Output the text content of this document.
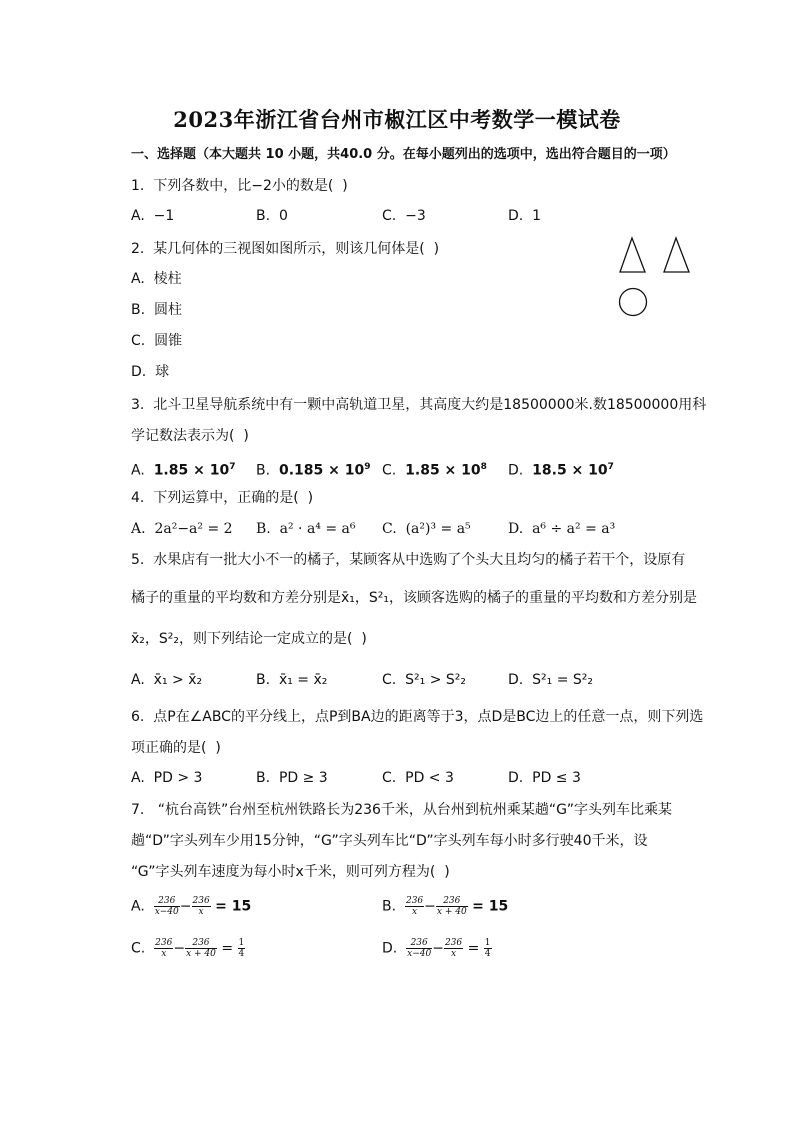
2023年浙江省台州市椒江区中考数学一模试卷
一、选择题（本大题共 10 小题，共40.0 分。在每小题列出的选项中，选出符合题目的一项）
1.  下列各数中，比−2小的数是(  )
A.  −1	B.  0	C.  −3	D.  1
2.  某几何体的三视图如图所示，则该几何体是(  )
A.  棱柱
B.  圆柱
C.  圆锥
D.  球
3.  北斗卫星导航系统中有一颗中高轨道卫星，其高度大约是18500000米.数18500000用科
学记数法表示为(  )
A. $1.85 \times 10^7$ B. $0.185 \times 10^9$ C. $1.85 \times 10^8$ D. $18.5 \times 10^7$
4.  下列运算中，正确的是(  )
A.  2a²−a² = 2 B.  a² · a⁴ = a⁶ C.  (a²)³ = a⁵	D.  a⁶ ÷ a² = a³
5.  水果店有一批大小不一的橘子，某顾客从中选购了个头大且均匀的橘子若干个，设原有
橘子的重量的平均数和方差分别是x̄₁，S²₁，该顾客选购的橘子的重量的平均数和方差分别是
x̄₂，S²₂，则下列结论一定成立的是(  )
A.  x̄₁ > x̄₂	B.  x̄₁ = x̄₂	C.  S²₁ > S²₂	D.  S²₁ = S²₂
6.  点P在∠ABC的平分线上，点P到BA边的距离等于3，点D是BC边上的任意一点，则下列选
项正确的是(  )
A.  PD > 3	B.  PD ≥ 3	C.  PD < 3	D.  PD ≤ 3
7.   “杭台高铁”台州至杭州铁路长为236千米，从台州到杭州乘某趟“G”字头列车比乘某
趟“D”字头列车少用15分钟，“G”字头列车比“D”字头列车每小时多行驶40千米，设
“G”字头列车速度为每小时x千米，则可列方程为(  )
A. $\frac{236}{x-40} - \frac{236}{x} = 15$	B. $\frac{236}{x} - \frac{236}{x + 40} = 15$
C. $\frac{236}{x} - \frac{236}{x + 40} = \frac{1}{4}$	D. $\frac{236}{x-40} - \frac{236}{x} = \frac{1}{4}$
